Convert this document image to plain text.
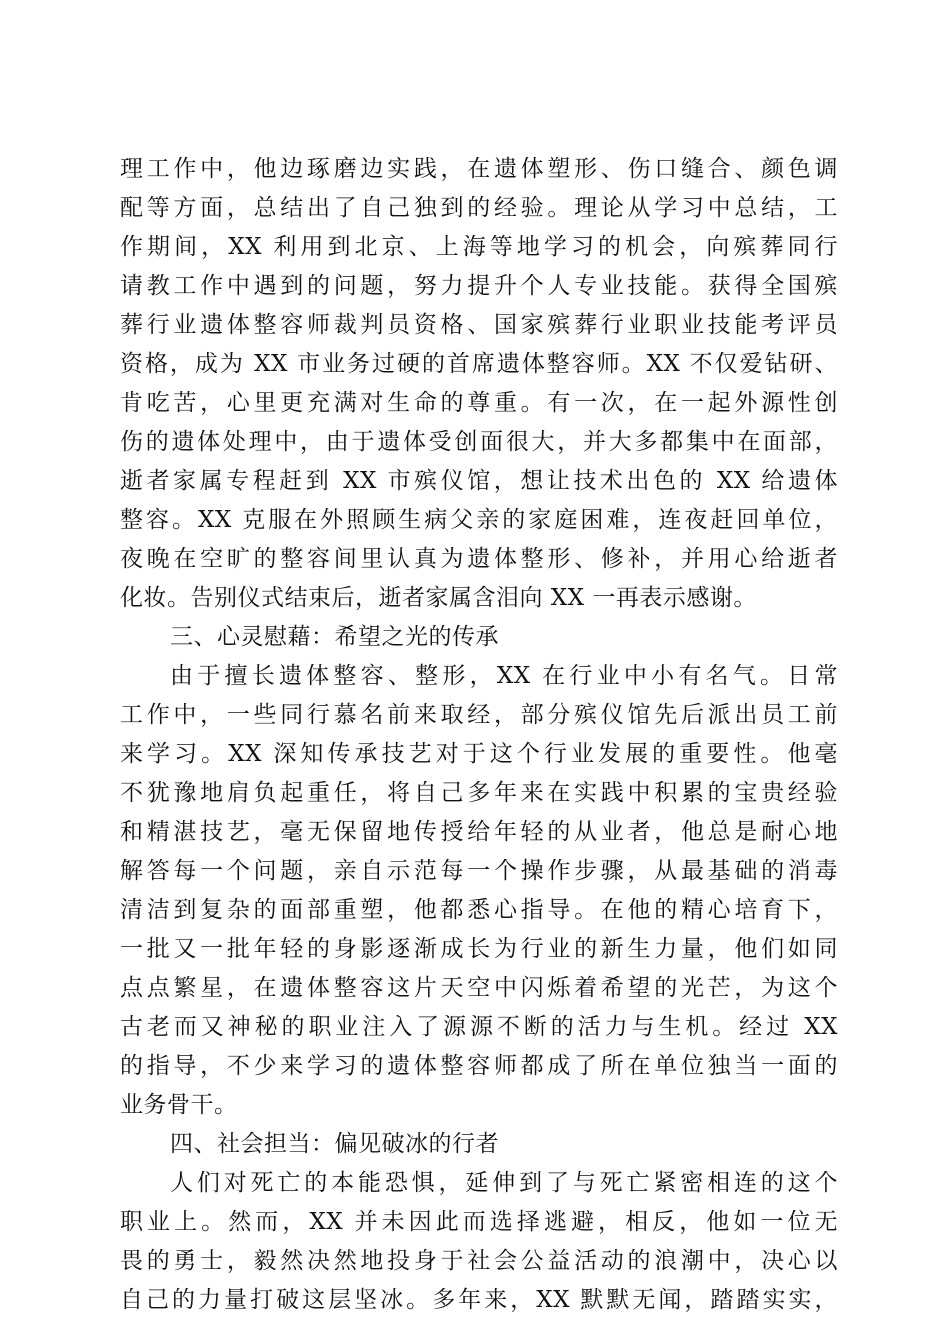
理工作中，他边琢磨边实践，在遗体塑形、伤口缝合、颜色调
配等方面，总结出了自己独到的经验。理论从学习中总结，工
作期间，XX 利用到北京、上海等地学习的机会，向殡葬同行
请教工作中遇到的问题，努力提升个人专业技能。获得全国殡
葬行业遗体整容师裁判员资格、国家殡葬行业职业技能考评员
资格，成为 XX 市业务过硬的首席遗体整容师。XX 不仅爱钻研、
肯吃苦，心里更充满对生命的尊重。有一次，在一起外源性创
伤的遗体处理中，由于遗体受创面很大，并大多都集中在面部，
逝者家属专程赶到 XX 市殡仪馆，想让技术出色的 XX 给遗体
整容。XX 克服在外照顾生病父亲的家庭困难，连夜赶回单位，
夜晚在空旷的整容间里认真为遗体整形、修补，并用心给逝者
化妆。告别仪式结束后，逝者家属含泪向 XX 一再表示感谢。
三、心灵慰藉：希望之光的传承
由于擅长遗体整容、整形，XX 在行业中小有名气。日常
工作中，一些同行慕名前来取经，部分殡仪馆先后派出员工前
来学习。XX 深知传承技艺对于这个行业发展的重要性。他毫
不犹豫地肩负起重任，将自己多年来在实践中积累的宝贵经验
和精湛技艺，毫无保留地传授给年轻的从业者，他总是耐心地
解答每一个问题，亲自示范每一个操作步骤，从最基础的消毒
清洁到复杂的面部重塑，他都悉心指导。在他的精心培育下，
一批又一批年轻的身影逐渐成长为行业的新生力量，他们如同
点点繁星，在遗体整容这片天空中闪烁着希望的光芒，为这个
古老而又神秘的职业注入了源源不断的活力与生机。经过 XX
的指导，不少来学习的遗体整容师都成了所在单位独当一面的
业务骨干。
四、社会担当：偏见破冰的行者
人们对死亡的本能恐惧，延伸到了与死亡紧密相连的这个
职业上。然而，XX 并未因此而选择逃避，相反，他如一位无
畏的勇士，毅然决然地投身于社会公益活动的浪潮中，决心以
自己的力量打破这层坚冰。多年来，XX 默默无闻，踏踏实实，
